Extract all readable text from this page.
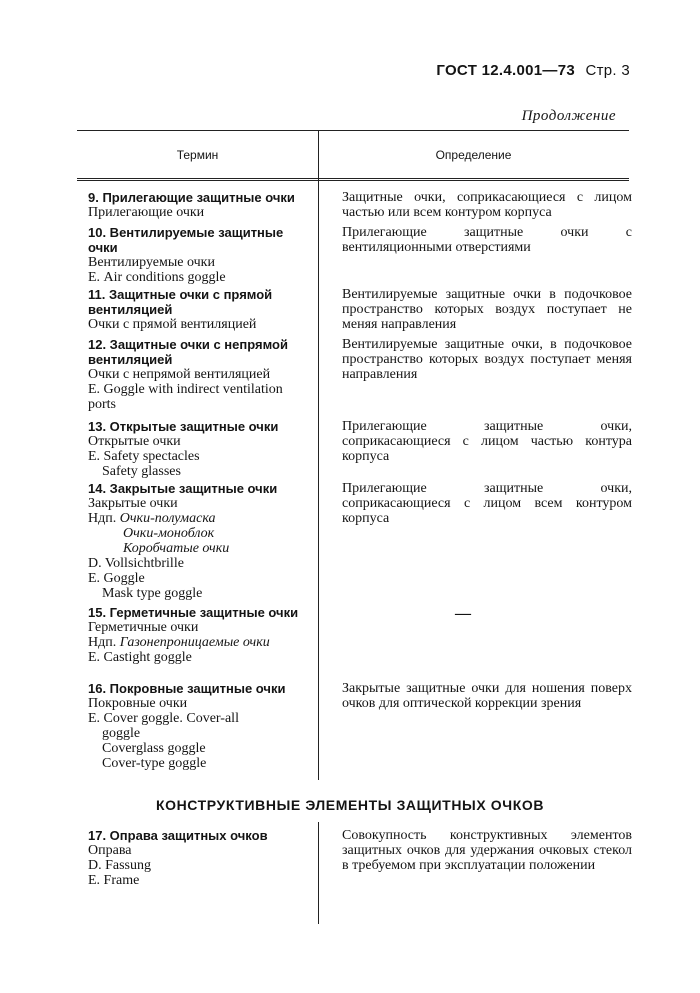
ГОСТ 12.4.001—73 Стр. 3
Продолжение
Термин	Определение
9. Прилегающие защитные очки
Прилегающие очки
Защитные очки, соприкасающиеся с лицом частью или всем контуром корпуса
10. Вентилируемые защитные очки
Вентилируемые очки
Е. Air conditions goggle
Прилегающие защитные очки с вентиляционными отверстиями
11. Защитные очки с прямой вентиляцией
Очки с прямой вентиляцией
Вентилируемые защитные очки в подочковое пространство которых воздух поступает не меняя направления
12. Защитные очки с непрямой вентиляцией
Очки с непрямой вентиляцией
Е. Goggle with indirect ventilation ports
Вентилируемые защитные очки, в подочковое пространство которых воздух поступает меняя направления
13. Открытые защитные очки
Открытые очки
Е. Safety spectacles
Safety glasses
Прилегающие защитные очки, соприкасающиеся с лицом частью контура корпуса
14. Закрытые защитные очки
Закрытые очки
Ндп. Очки-полумаска
Очки-моноблок
Коробчатые очки
D. Vollsichtbrille
Е. Goggle
Mask type goggle
Прилегающие защитные очки, соприкасающиеся с лицом всем контуром корпуса
15. Герметичные защитные очки
Герметичные очки
Ндп. Газонепроницаемые очки
Е. Castight goggle
—
16. Покровные защитные очки
Покровные очки
Е. Cover goggle. Cover-all
goggle
Coverglass goggle
Cover-type goggle
Закрытые защитные очки для ношения поверх очков для оптической коррекции зрения
КОНСТРУКТИВНЫЕ ЭЛЕМЕНТЫ ЗАЩИТНЫХ ОЧКОВ
17. Оправа защитных очков
Оправа
D. Fassung
E. Frame
Совокупность конструктивных элементов защитных очков для удержания очковых стекол в требуемом при эксплуатации положении
